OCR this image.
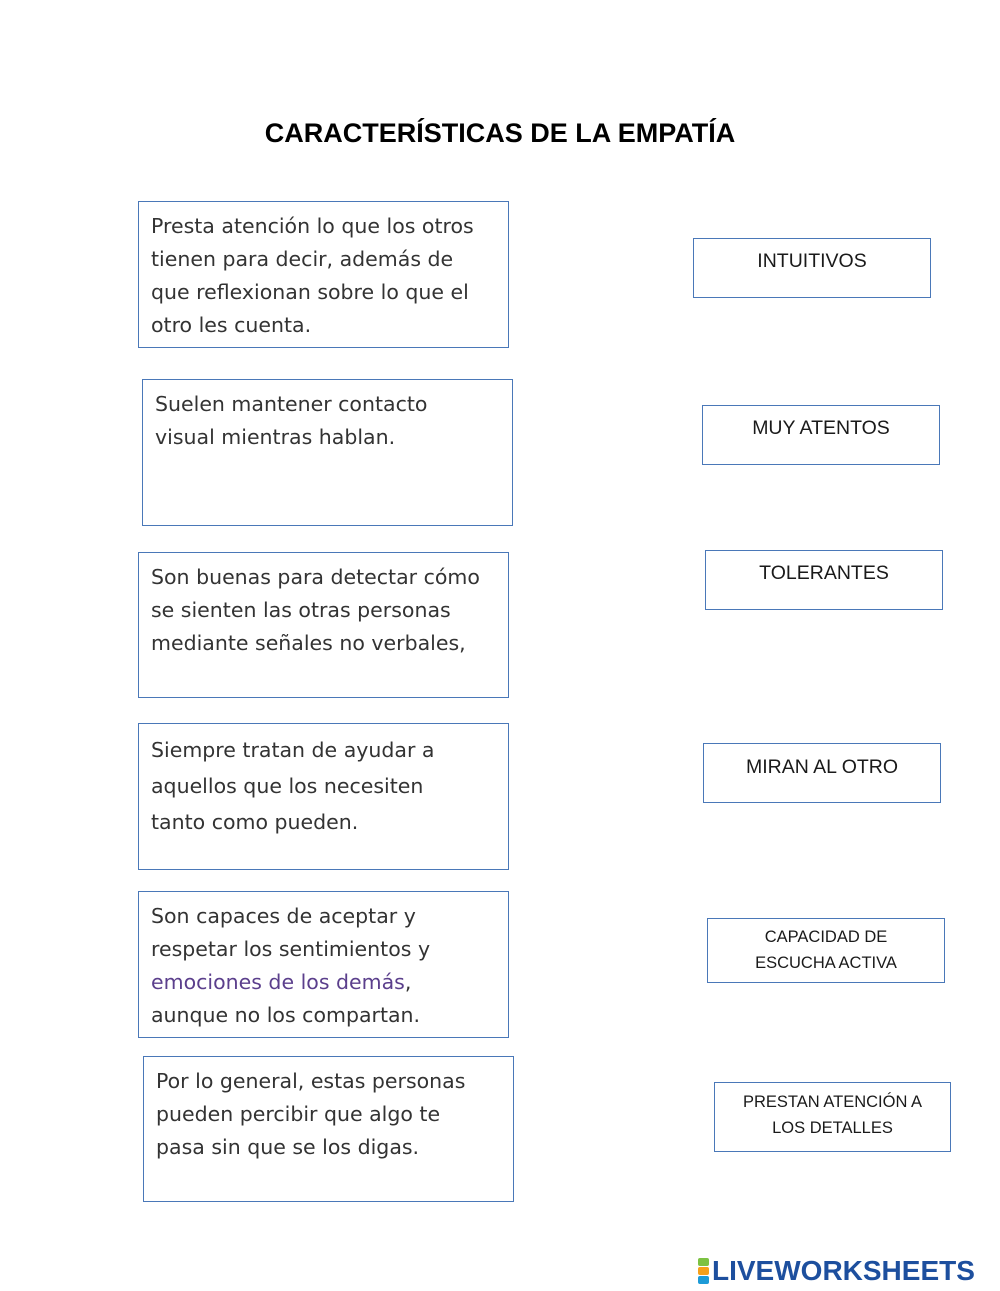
CARACTERÍSTICAS DE LA EMPATÍA
Presta atención lo que los otros tienen para decir, además de que reflexionan sobre lo que el otro les cuenta.
Suelen mantener contacto visual mientras hablan.
Son buenas para detectar cómo se sienten las otras personas mediante señales no verbales,
Siempre tratan de ayudar a aquellos que los necesiten tanto como pueden.
Son capaces de aceptar y respetar los sentimientos y emociones de los demás, aunque no los compartan.
Por lo general, estas personas pueden percibir que algo te pasa sin que se los digas.
INTUITIVOS
MUY ATENTOS
TOLERANTES
MIRAN AL OTRO
CAPACIDAD DE ESCUCHA ACTIVA
PRESTAN ATENCIÓN A LOS DETALLES
LIVEWORKSHEETS
